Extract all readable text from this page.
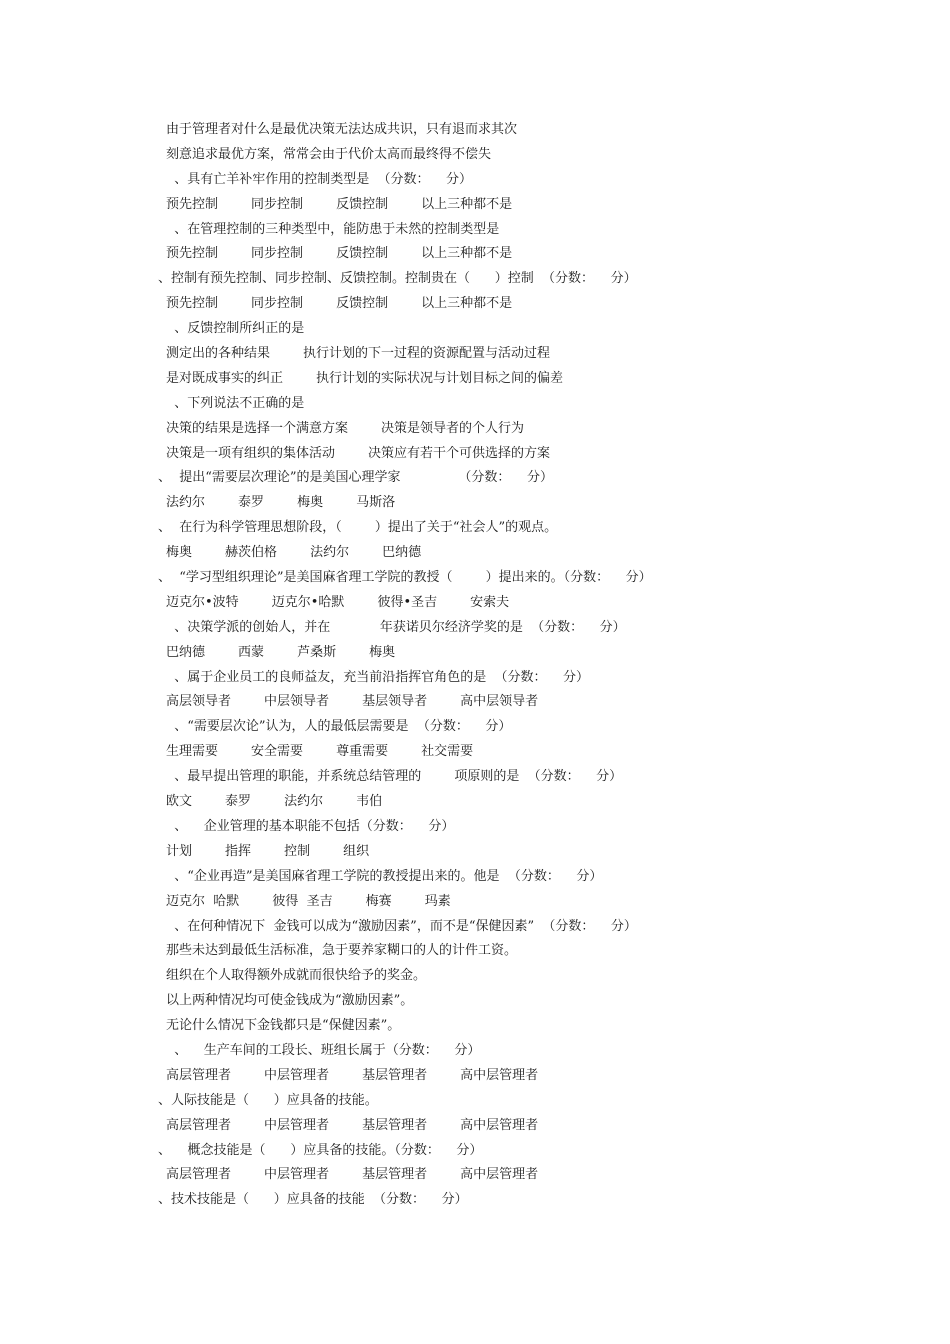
由于管理者对什么是最优决策无法达成共识，只有退而求其次
刻意追求最优方案，常常会由于代价太高而最终得不偿失
、具有亡羊补牢作用的控制类型是  （分数：    分）
预先控制        同步控制        反馈控制        以上三种都不是
、在管理控制的三种类型中，能防患于未然的控制类型是
预先控制        同步控制        反馈控制        以上三种都不是
、控制有预先控制、同步控制、反馈控制。控制贵在（      ）控制  （分数：    分）
预先控制        同步控制        反馈控制        以上三种都不是
、反馈控制所纠正的是
测定出的各种结果        执行计划的下一过程的资源配置与活动过程
是对既成事实的纠正        执行计划的实际状况与计划目标之间的偏差
、下列说法不正确的是
决策的结果是选择一个满意方案        决策是领导者的个人行为
决策是一项有组织的集体活动        决策应有若干个可供选择的方案
、  提出“需要层次理论”的是美国心理学家              （分数：    分）
法约尔        泰罗        梅奥        马斯洛
、  在行为科学管理思想阶段，（        ）提出了关于“社会人”的观点。
梅奥        赫茨伯格        法约尔        巴纳德
、  “学习型组织理论”是美国麻省理工学院的教授（        ）提出来的。（分数：    分）
迈克尔•波特        迈克尔•哈默        彼得•圣吉        安索夫
、决策学派的创始人，并在            年获诺贝尔经济学奖的是  （分数：    分）
巴纳德        西蒙        芦桑斯        梅奥
、属于企业员工的良师益友，充当前沿指挥官角色的是  （分数：    分）
高层领导者        中层领导者        基层领导者        高中层领导者
、“需要层次论”认为，人的最低层需要是  （分数：    分）
生理需要        安全需要        尊重需要        社交需要
、最早提出管理的职能，并系统总结管理的        项原则的是  （分数：    分）
欧文        泰罗        法约尔        韦伯
、    企业管理的基本职能不包括（分数：    分）
计划        指挥        控制        组织
、“企业再造”是美国麻省理工学院的教授提出来的。他是  （分数：    分）
迈克尔  哈默        彼得  圣吉        梅赛        玛素
、在何种情况下  金钱可以成为“激励因素”，而不是“保健因素”  （分数：    分）
那些未达到最低生活标准，急于要养家糊口的人的计件工资。
组织在个人取得额外成就而很快给予的奖金。
以上两种情况均可使金钱成为“激励因素”。
无论什么情况下金钱都只是“保健因素”。
、    生产车间的工段长、班组长属于（分数：    分）
高层管理者        中层管理者        基层管理者        高中层管理者
、人际技能是（      ）应具备的技能。
高层管理者        中层管理者        基层管理者        高中层管理者
、    概念技能是（      ）应具备的技能。（分数：    分）
高层管理者        中层管理者        基层管理者        高中层管理者
、技术技能是（      ）应具备的技能  （分数：    分）
